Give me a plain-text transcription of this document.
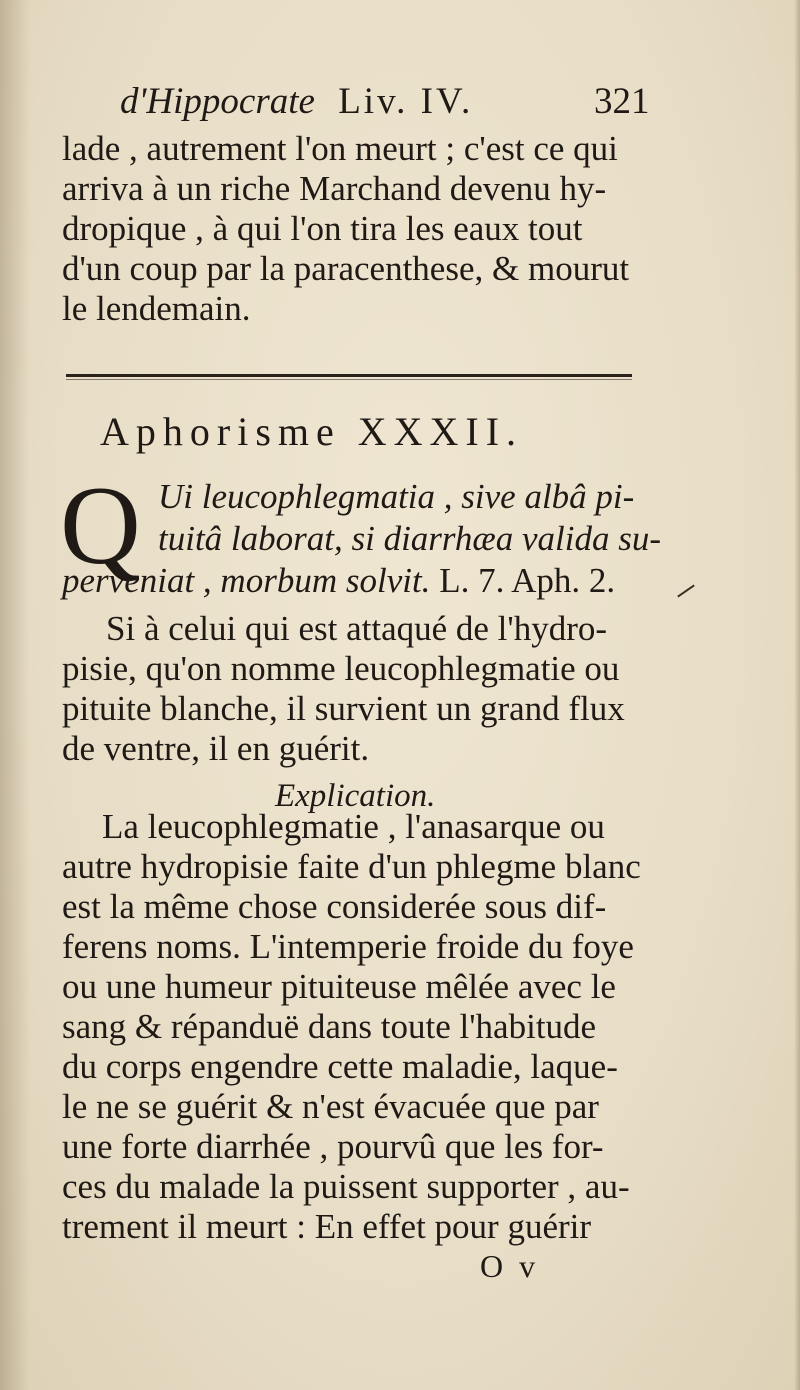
d'Hippocrate Liv. IV.	321
lade , autrement l'on meurt ; c'est ce qui
arriva à un riche Marchand devenu hy-
dropique , à qui l'on tira les eaux tout
d'un coup par la paracenthese, & mourut
le lendemain.
Aphorisme XXXII.
Q Ui leucophlegmatia , sive albâ pi-
tuitâ laborat, si diarrhæa valida su-
perveniat , morbum solvit. L. 7. Aph. 2.
Si à celui qui est attaqué de l'hydro-
pisie, qu'on nomme leucophlegmatie ou
pituite blanche, il survient un grand flux
de ventre, il en guérit.
Explication.
La leucophlegmatie , l'anasarque ou
autre hydropisie faite d'un phlegme blanc
est la même chose considerée sous dif-
ferens noms. L'intemperie froide du foye
ou une humeur pituiteuse mêlée avec le
sang & répanduë dans toute l'habitude
du corps engendre cette maladie, laque-
le ne se guérit & n'est évacuée que par
une forte diarrhée , pourvû que les for-
ces du malade la puissent supporter , au-
trement il meurt : En effet pour guérir
O v
